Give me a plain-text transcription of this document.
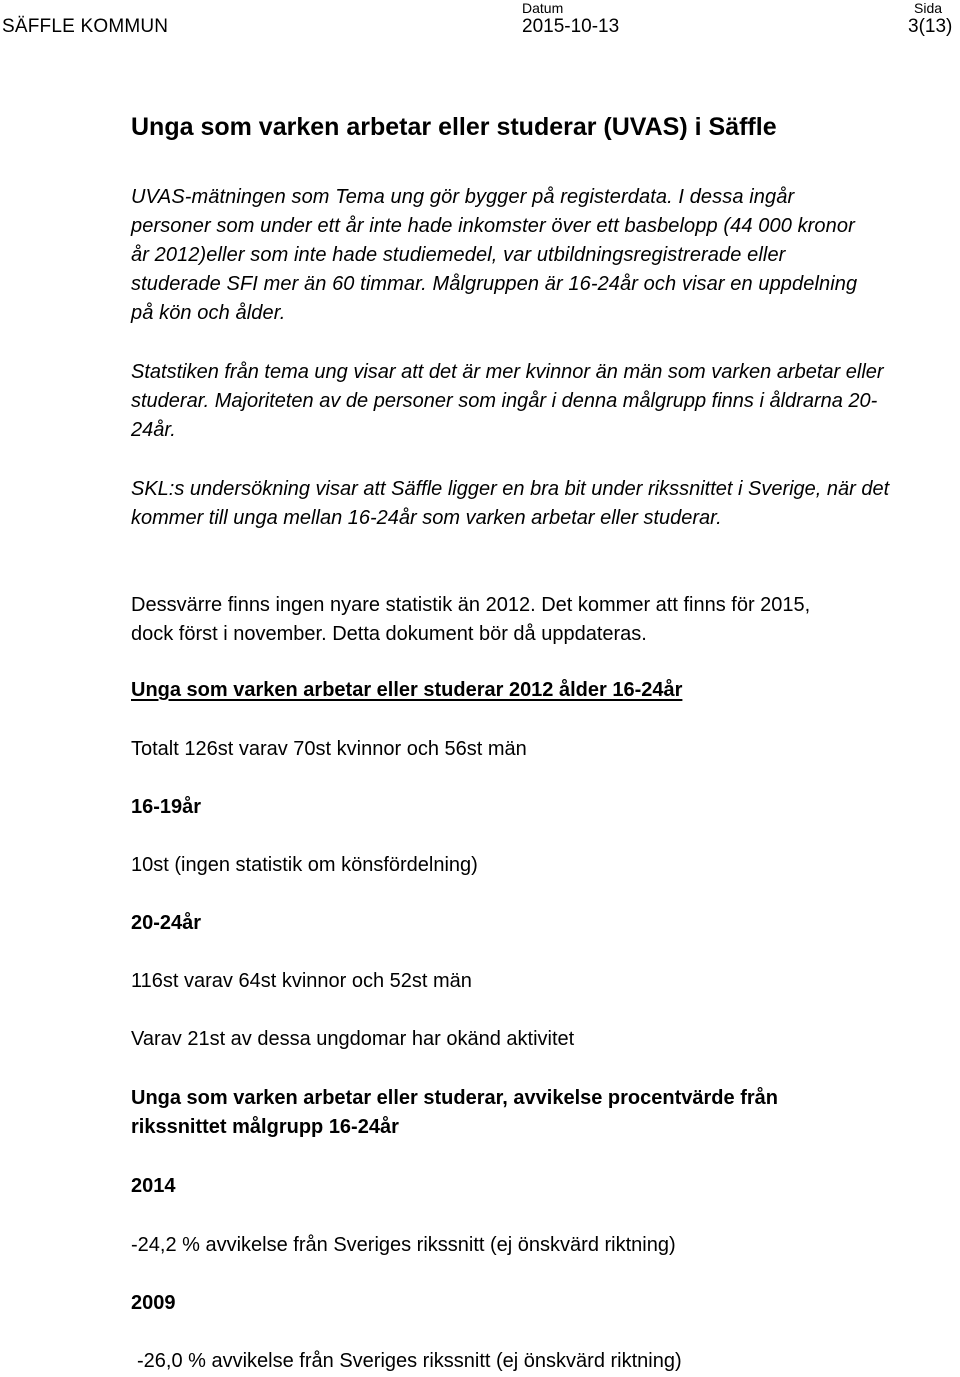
SÄFFLE KOMMUN
Datum
2015-10-13
Sida
3(13)
Unga som varken arbetar eller studerar (UVAS) i Säffle

UVAS-mätningen som Tema ung gör bygger på registerdata. I dessa ingår personer som under ett år inte hade inkomster över ett basbelopp (44 000 kronor år 2012)eller som inte hade studiemedel, var utbildningsregistrerade eller studerade SFI mer än 60 timmar. Målgruppen är 16-24år och visar en uppdelning på kön och ålder.

Statstiken från tema ung visar att det är mer kvinnor än män som varken arbetar eller studerar. Majoriteten av de personer som ingår i denna målgrupp finns i åldrarna 20-24år.

SKL:s undersökning visar att Säffle ligger en bra bit under rikssnittet i Sverige, när det kommer till unga mellan 16-24år som varken arbetar eller studerar.

Dessvärre finns ingen nyare statistik än 2012. Det kommer att finns för 2015, dock först i november. Detta dokument bör då uppdateras.

Unga som varken arbetar eller studerar 2012 ålder 16-24år

Totalt 126st varav 70st kvinnor och 56st män

16-19år

10st (ingen statistik om könsfördelning)

20-24år

116st varav 64st kvinnor och 52st män

Varav 21st av dessa ungdomar har okänd aktivitet

Unga som varken arbetar eller studerar, avvikelse procentvärde från rikssnittet målgrupp 16-24år

2014

-24,2 % avvikelse från Sveriges rikssnitt (ej önskvärd riktning)

2009

-26,0 % avvikelse från Sveriges rikssnitt (ej önskvärd riktning)
